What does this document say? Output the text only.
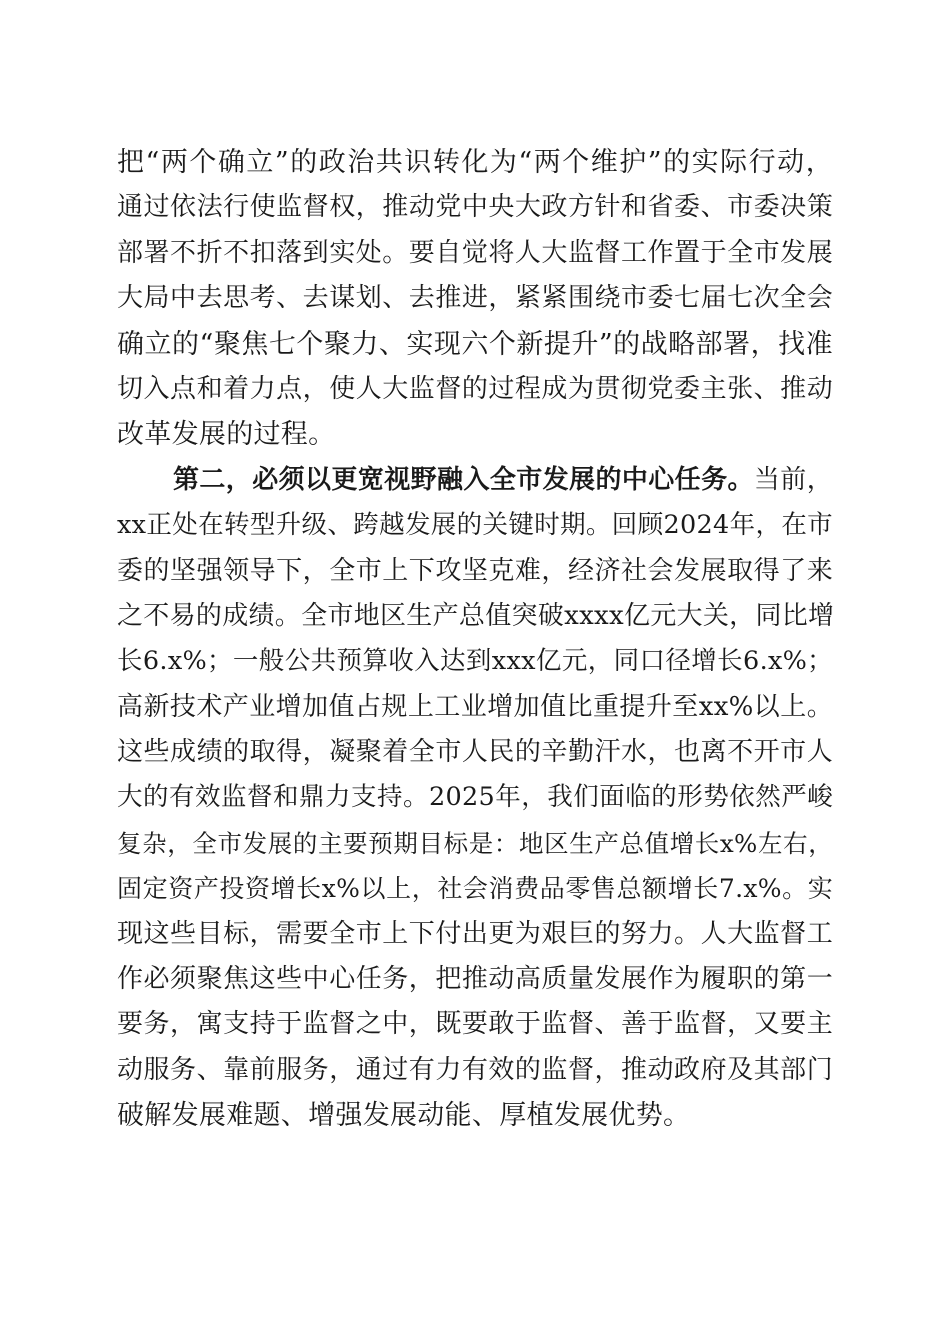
把“两个确立”的政治共识转化为“两个维护”的实际行动，
通过依法行使监督权，推动党中央大政方针和省委、市委决策
部署不折不扣落到实处。要自觉将人大监督工作置于全市发展
大局中去思考、去谋划、去推进，紧紧围绕市委七届七次全会
确立的“聚焦七个聚力、实现六个新提升”的战略部署，找准
切入点和着力点，使人大监督的过程成为贯彻党委主张、推动
改革发展的过程。
第二，必须以更宽视野融入全市发展的中心任务。当前，
xx正处在转型升级、跨越发展的关键时期。回顾2024年，在市
委的坚强领导下，全市上下攻坚克难，经济社会发展取得了来
之不易的成绩。全市地区生产总值突破xxxx亿元大关，同比增
长6.x%；一般公共预算收入达到xxx亿元，同口径增长6.x%；
高新技术产业增加值占规上工业增加值比重提升至xx%以上。
这些成绩的取得，凝聚着全市人民的辛勤汗水，也离不开市人
大的有效监督和鼎力支持。2025年，我们面临的形势依然严峻
复杂，全市发展的主要预期目标是：地区生产总值增长x%左右，
固定资产投资增长x%以上，社会消费品零售总额增长7.x%。实
现这些目标，需要全市上下付出更为艰巨的努力。人大监督工
作必须聚焦这些中心任务，把推动高质量发展作为履职的第一
要务，寓支持于监督之中，既要敢于监督、善于监督，又要主
动服务、靠前服务，通过有力有效的监督，推动政府及其部门
破解发展难题、增强发展动能、厚植发展优势。
